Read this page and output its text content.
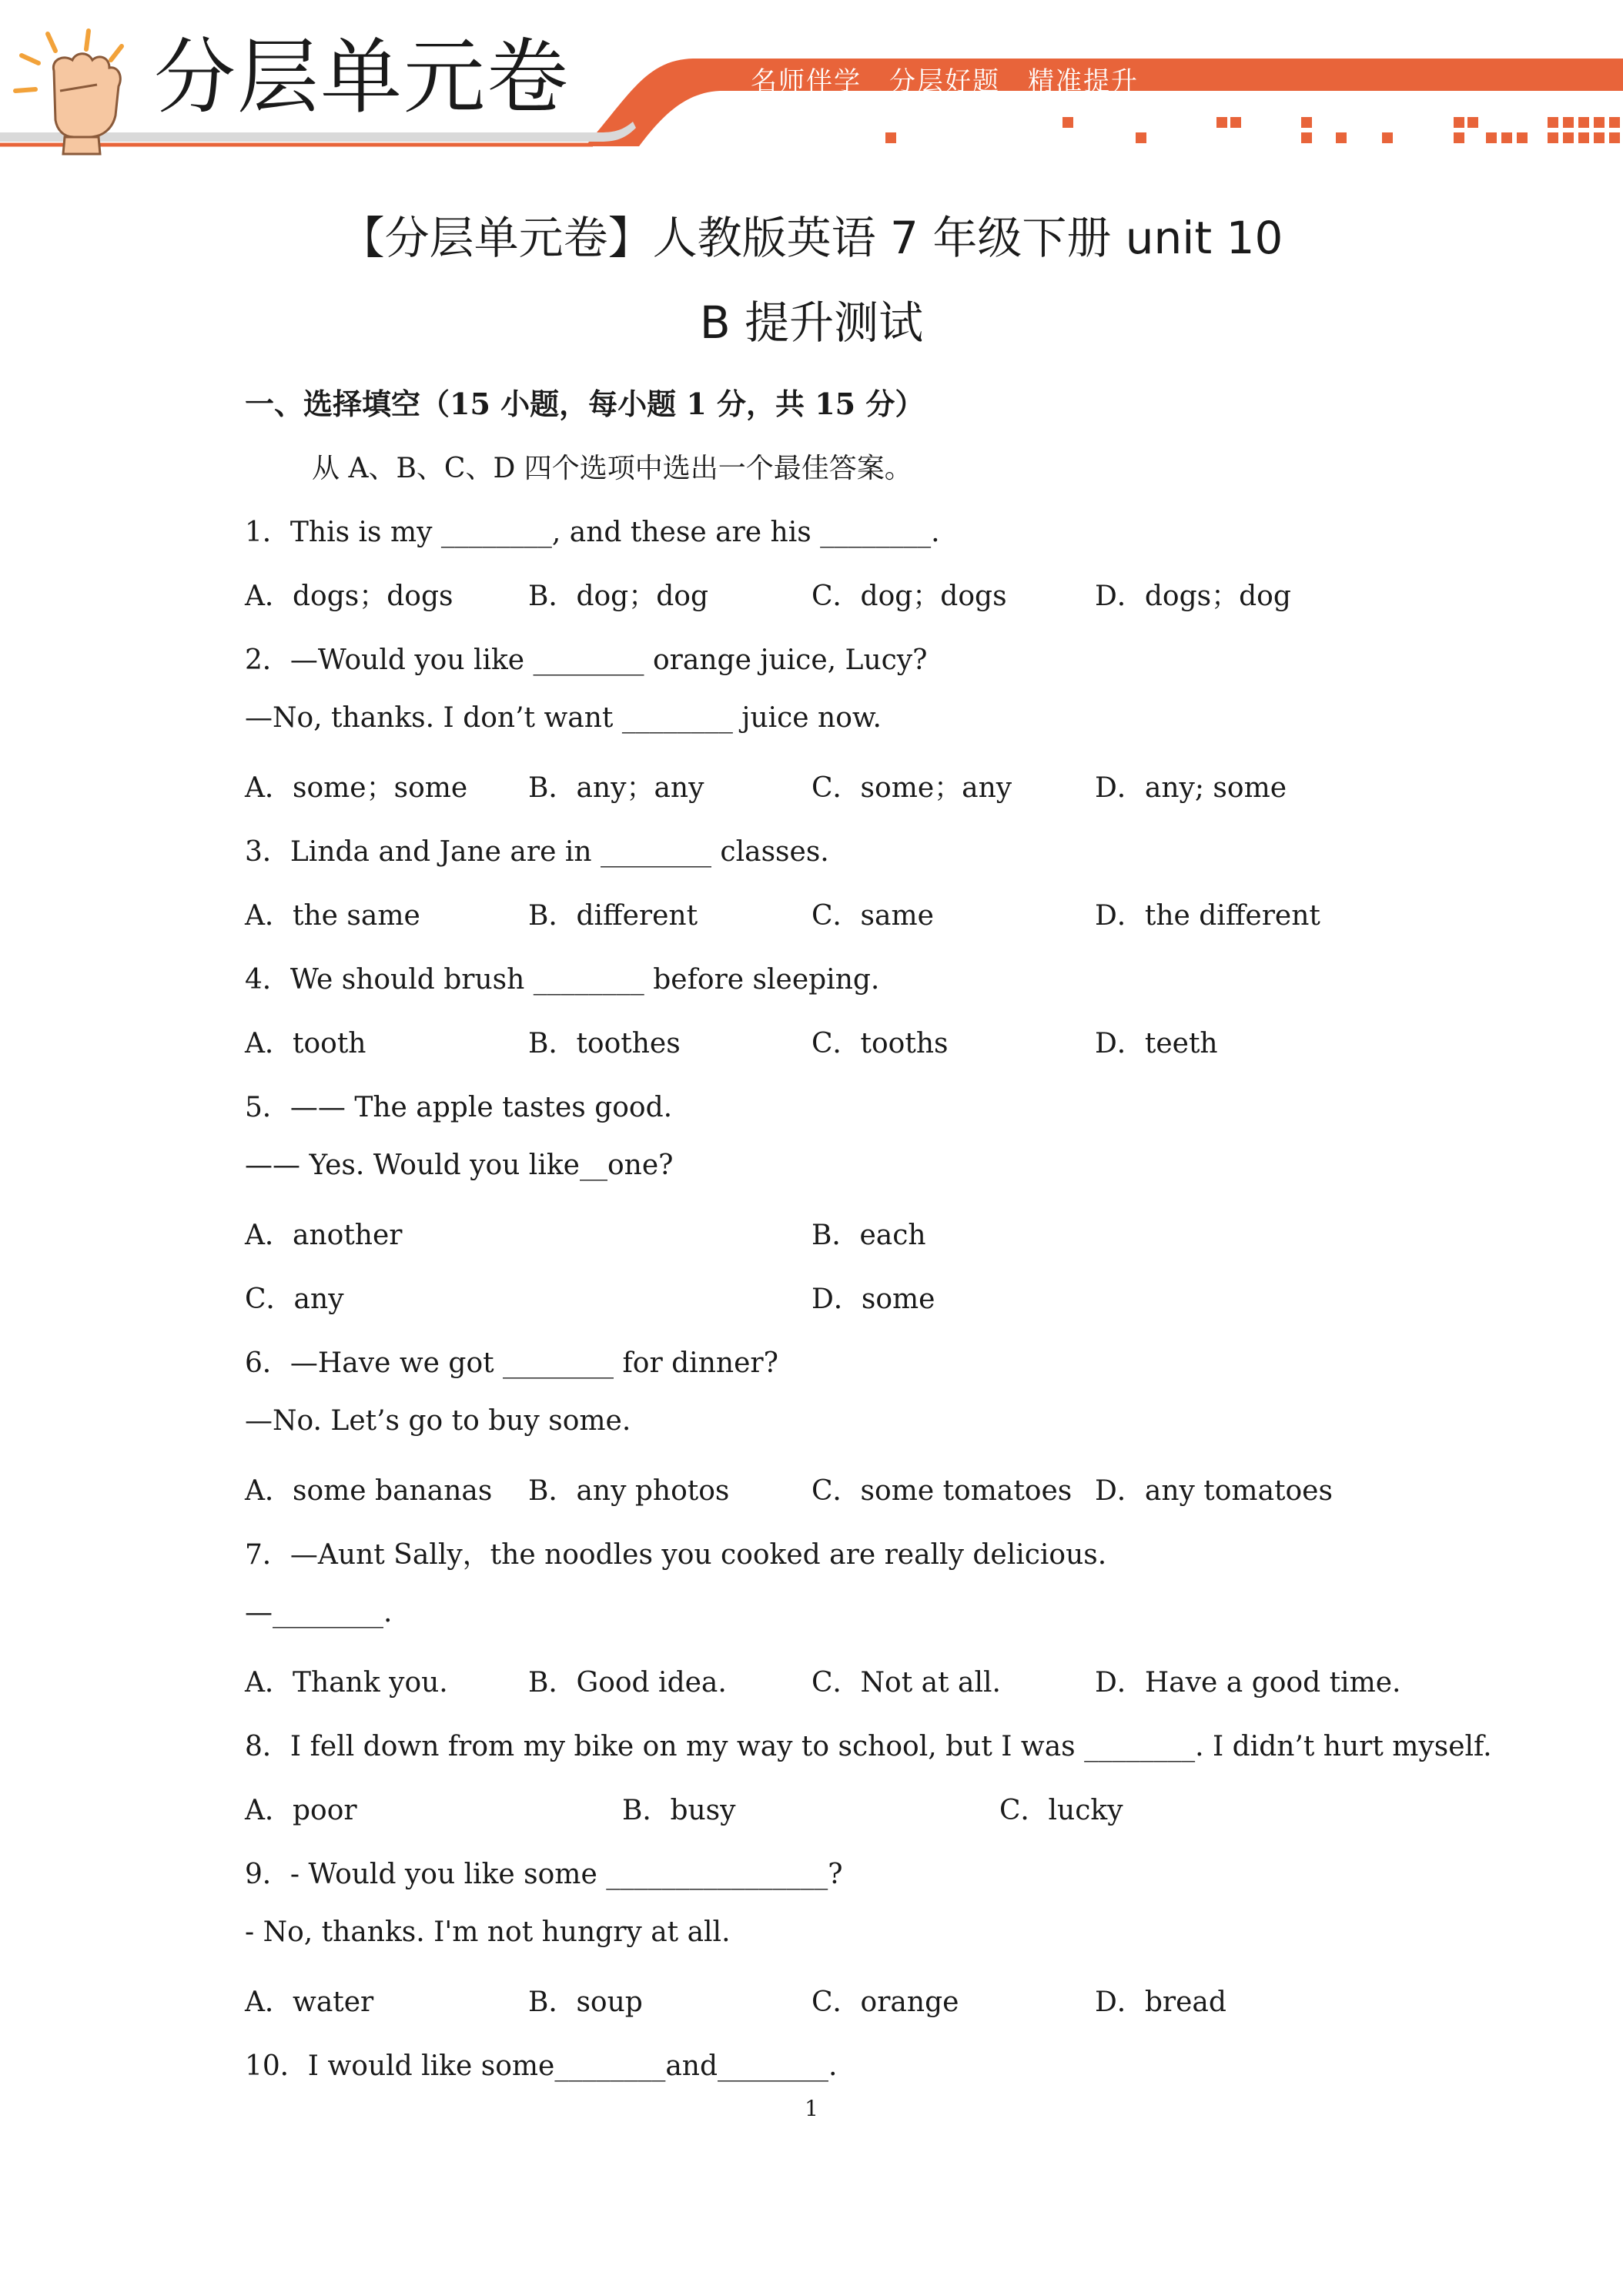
分层单元卷	名师伴学 分层好题 精准提升
【分层单元卷】人教版英语 7 年级下册 unit 10
B 提升测试
一、选择填空（15 小题，每小题 1 分，共 15 分）
从 A、B、C、D 四个选项中选出一个最佳答案。
1．This is my ________, and these are his ________.
A．dogs；dogs	B．dog；dog	C．dog；dogs	D．dogs；dog
2．—Would you like ________ orange juice, Lucy?
—No, thanks. I don’t want ________ juice now.
A．some；some B．any；any	C．some；any	D．any; some
3．Linda and Jane are in ________ classes.
A．the same	B．different	C．same	D．the different
4．We should brush ________ before sleeping.
A．tooth	B．toothes	C．tooths	D．teeth
5．—— The apple tastes good.
—— Yes. Would you like__one?
A．another	B．each
C．any	D．some
6．—Have we got ________ for dinner?
—No. Let’s go to buy some.
A．some bananas B．any photos	C．some tomatoes D．any tomatoes
7．—Aunt Sally，the noodles you cooked are really delicious.
—________.
A．Thank you.	B．Good idea.	C．Not at all.	D．Have a good time.
8．I fell down from my bike on my way to school, but I was ________. I didn’t hurt myself.
A．poor	B．busy	C．lucky
9．- Would you like some ________________?
- No, thanks. I'm not hungry at all.
A．water	B．soup	C．orange	D．bread
10．I would like some________and________.
1
